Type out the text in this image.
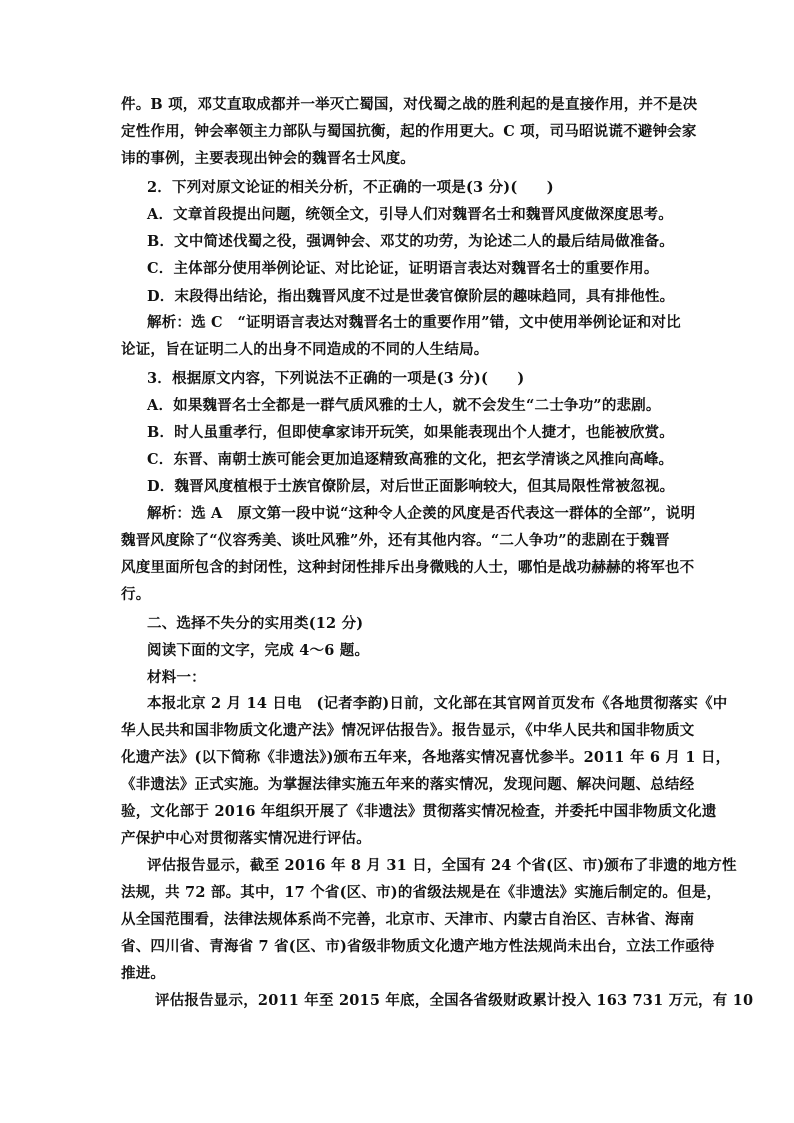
件。B 项，邓艾直取成都并一举灭亡蜀国，对伐蜀之战的胜利起的是直接作用，并不是决
定性作用，钟会率领主力部队与蜀国抗衡，起的作用更大。C 项，司马昭说谎不避钟会家
讳的事例，主要表现出钟会的魏晋名士风度。
2．下列对原文论证的相关分析，不正确的一项是(3 分)(　　)
A．文章首段提出问题，统领全文，引导人们对魏晋名士和魏晋风度做深度思考。
B．文中简述伐蜀之役，强调钟会、邓艾的功劳，为论述二人的最后结局做准备。
C．主体部分使用举例论证、对比论证，证明语言表达对魏晋名士的重要作用。
D．末段得出结论，指出魏晋风度不过是世袭官僚阶层的趣味趋同，具有排他性。
解析：选 C　“证明语言表达对魏晋名士的重要作用”错，文中使用举例论证和对比
论证，旨在证明二人的出身不同造成的不同的人生结局。
3．根据原文内容，下列说法不正确的一项是(3 分)(　　)
A．如果魏晋名士全都是一群气质风雅的士人，就不会发生“二士争功”的悲剧。
B．时人虽重孝行，但即使拿家讳开玩笑，如果能表现出个人捷才，也能被欣赏。
C．东晋、南朝士族可能会更加追逐精致高雅的文化，把玄学清谈之风推向高峰。
D．魏晋风度植根于士族官僚阶层，对后世正面影响较大，但其局限性常被忽视。
解析：选 A　原文第一段中说“这种令人企羡的风度是否代表这一群体的全部”，说明
魏晋风度除了“仪容秀美、谈吐风雅”外，还有其他内容。“二人争功”的悲剧在于魏晋
风度里面所包含的封闭性，这种封闭性排斥出身微贱的人士，哪怕是战功赫赫的将军也不
行。
二、选择不失分的实用类(12 分)
阅读下面的文字，完成 4～6 题。
材料一：
本报北京 2 月 14 日电　(记者李韵)日前，文化部在其官网首页发布《各地贯彻落实《中
华人民共和国非物质文化遗产法》情况评估报告》。报告显示，《中华人民共和国非物质文
化遗产法》(以下简称《非遗法》)颁布五年来，各地落实情况喜忧参半。2011 年 6 月 1 日，
《非遗法》正式实施。为掌握法律实施五年来的落实情况，发现问题、解决问题、总结经
验，文化部于 2016 年组织开展了《非遗法》贯彻落实情况检查，并委托中国非物质文化遗
产保护中心对贯彻落实情况进行评估。
评估报告显示，截至 2016 年 8 月 31 日，全国有 24 个省(区、市)颁布了非遗的地方性
法规，共 72 部。其中，17 个省(区、市)的省级法规是在《非遗法》实施后制定的。但是，
从全国范围看，法律法规体系尚不完善，北京市、天津市、内蒙古自治区、吉林省、海南
省、四川省、青海省 7 省(区、市)省级非物质文化遗产地方性法规尚未出台，立法工作亟待
推进。
评估报告显示，2011 年至 2015 年底，全国各省级财政累计投入 163 731 万元，有 10
